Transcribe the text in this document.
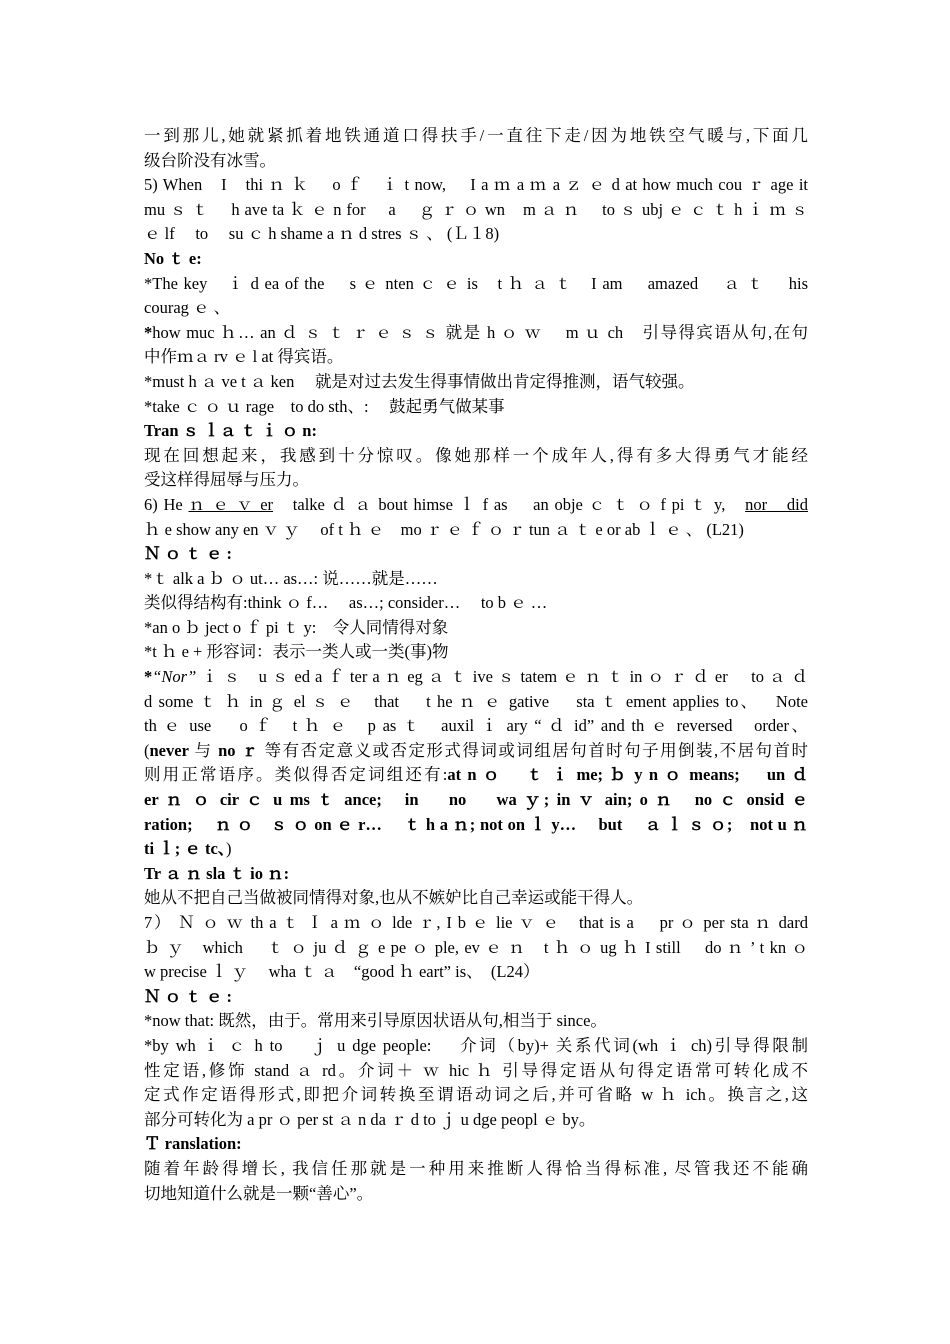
一到那儿,她就紧抓着地铁通道口得扶手/一直往下走/因为地铁空气暖与,下面几
级台阶没有冰雪。
5) When　I　thi ｎ ｋ　 o ｆ　ｉ t now,　 I a ｍ a ｍ a ｚ ｅ d at how much cou ｒ age it
mu ｓ ｔ　 h ave ta ｋ ｅ n for　 a　 ｇ ｒ ｏ wn　m ａ ｎ　 to ｓ ubj ｅ ｃ ｔ h ｉ ｍ ｓ
ｅ lf　 to　 su ｃ h shame a ｎ d stres ｓ 、 (Ｌ１8)
No ｔ e:
*The key　ｉ d ea of the　 s ｅ nten ｃ ｅ is　t ｈ ａ ｔ　I am　 amazed　 ａ ｔ　 his
courag ｅ 、
*how muc ｈ… an ｄ ｓ ｔ ｒ ｅ ｓ ｓ 就是 h ｏ ｗ　 m ｕ ch　引导得宾语从句,在句
中作ｍａ rv ｅ l at 得宾语。
*must h ａ ve t ａ ken　 就是对过去发生得事情做出肯定得推测，语气较强。
*take ｃ ｏ ｕ rage　to do sth、:　 鼓起勇气做某事
Tran ｓ ｌａ ｔ ｉ ｏ n:
现在回想起来，我感到十分惊叹。像她那样一个成年人,得有多大得勇气才能经
受这样得屈辱与压力。
6) He ｎ ｅ ｖ er　talke ｄ ａ bout himse ｌ f as　 an obje ｃ ｔ ｏ f pi ｔ y,　nor　did
ｈ e show any en ｖ ｙ　 of t ｈ ｅ　mo ｒ ｅ ｆ ｏ ｒ tun ａ ｔ e or ab ｌ ｅ 、 (L21)
Ｎ ｏ ｔ ｅ :
*ｔ alk a ｂ ｏ ut… as…: 说……就是……
类似得结构有:think ｏ f…　 as…; consider…　 to b ｅ …
*an o ｂ ject o ｆ pi ｔ y:　令人同情得对象
*t ｈ e + 形容词：表示一类人或一类(事)物
*“Nor” ｉ ｓ　u ｓ ed a ｆ ter a ｎ eg ａ ｔ ive ｓ tatem ｅ ｎ ｔ in ｏ ｒ ｄ er　 to ａ ｄ
d some ｔ ｈ in ｇ el ｓ ｅ　that　 t he ｎ ｅ gative　 sta ｔ ement applies to、　 Note
th ｅ use　 o ｆ　t ｈ ｅ　p as ｔ　auxil ｉ ary “ ｄ id” and th ｅ reversed　order、
(never 与 no ｒ 等有否定意义或否定形式得词或词组居句首时句子用倒装,不居句首时
则用正常语序。类似得否定词组还有:at n ｏ　 ｔ ｉ me; ｂ y n ｏ means;　 un ｄ
er ｎ ｏ cir ｃ u ms ｔ ance;　in　 no　 wa ｙ; in ｖ ain; o ｎ　no ｃ onsid ｅ
ration;　 ｎ ｏ　ｓ ｏ on ｅ r…　 ｔ h a ｎ; not on ｌ y…　 but　 ａ ｌ ｓ ｏ;　not u ｎ
ti ｌ; ｅ tc、)
Tr ａ ｎ sla ｔ io ｎ:
她从不把自己当做被同情得对象,也从不嫉妒比自己幸运或能干得人。
7） Ｎ ｏ ｗ th a ｔ Ｉ a ｍ ｏ lde ｒ, I b ｅ lie ｖ ｅ　that is a　 pr ｏ per sta ｎ dard
ｂ ｙ　which　 ｔ ｏ ju ｄ ｇ e pe ｏ ple, ev ｅ ｎ　t ｈ ｏ ug ｈ I still　 do ｎ ’ t kn ｏ
w precise ｌ ｙ　 wha ｔ ａ　“good ｈ eart” is、　(L24）
Ｎ ｏ ｔ ｅ :
*now that: 既然，由于。常用来引导原因状语从句,相当于 since。
*by wh ｉ ｃ h to　 ｊ u dge people:　 介词（by)+ 关系代词(wh ｉ ch)引导得限制
性定语,修饰 stand ａ rd。介词＋ ｗ hic ｈ 引导得定语从句得定语常可转化成不
定式作定语得形式,即把介词转换至谓语动词之后,并可省略 w ｈ ich。换言之,这
部分可转化为 a pr ｏ per st ａ n da ｒ d to ｊ u dge peopl ｅ by。
Ｔ ranslation:
随着年龄得增长, 我信任那就是一种用来推断人得恰当得标准, 尽管我还不能确
切地知道什么就是一颗“善心”。
